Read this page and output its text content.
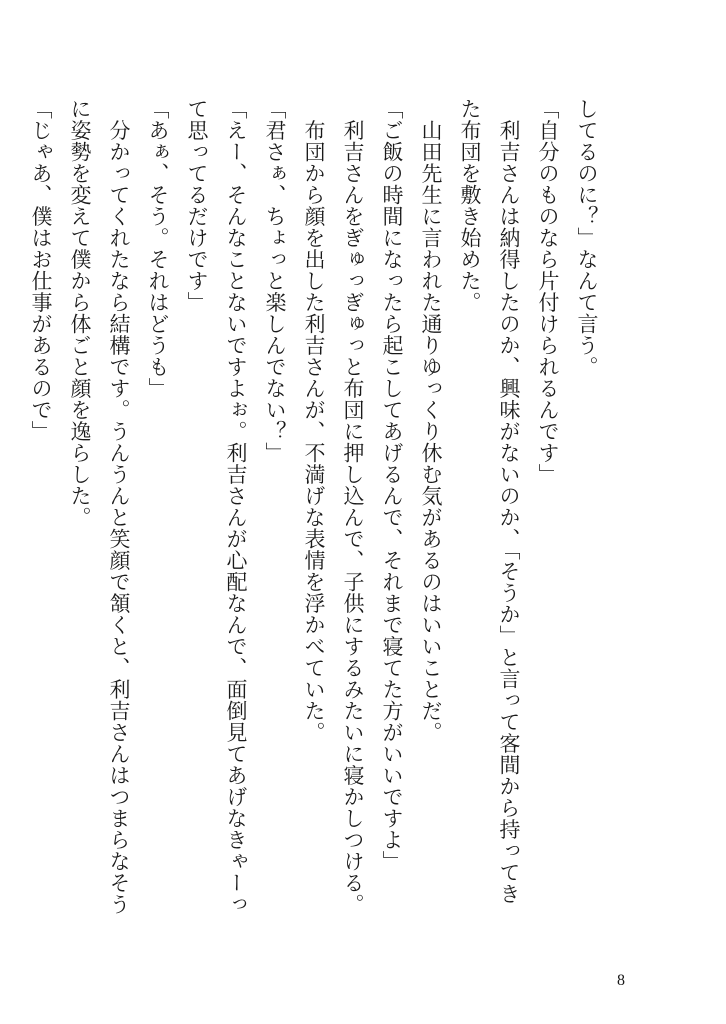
してるのに？」なんて言う。
「自分のものなら片付けられるんです」
　利吉さんは納得したのか、興味がないのか、「そうか」と言って客間から持ってき
た布団を敷き始めた。
　山田先生に言われた通りゆっくり休む気があるのはいいことだ。
「ご飯の時間になったら起こしてあげるんで、それまで寝てた方がいいですよ」
　利吉さんをぎゅっぎゅっと布団に押し込んで、子供にするみたいに寝かしつける。
　布団から顔を出した利吉さんが、不満げな表情を浮かべていた。
「君さぁ、ちょっと楽しんでない？」
「えー、そんなことないですよぉ。利吉さんが心配なんで、面倒見てあげなきゃーっ
て思ってるだけです」
「あぁ、そう。それはどうも」
　分かってくれたなら結構です。うんうんと笑顔で頷くと、利吉さんはつまらなそう
に姿勢を変えて僕から体ごと顔を逸らした。
「じゃあ、僕はお仕事があるので」
8
